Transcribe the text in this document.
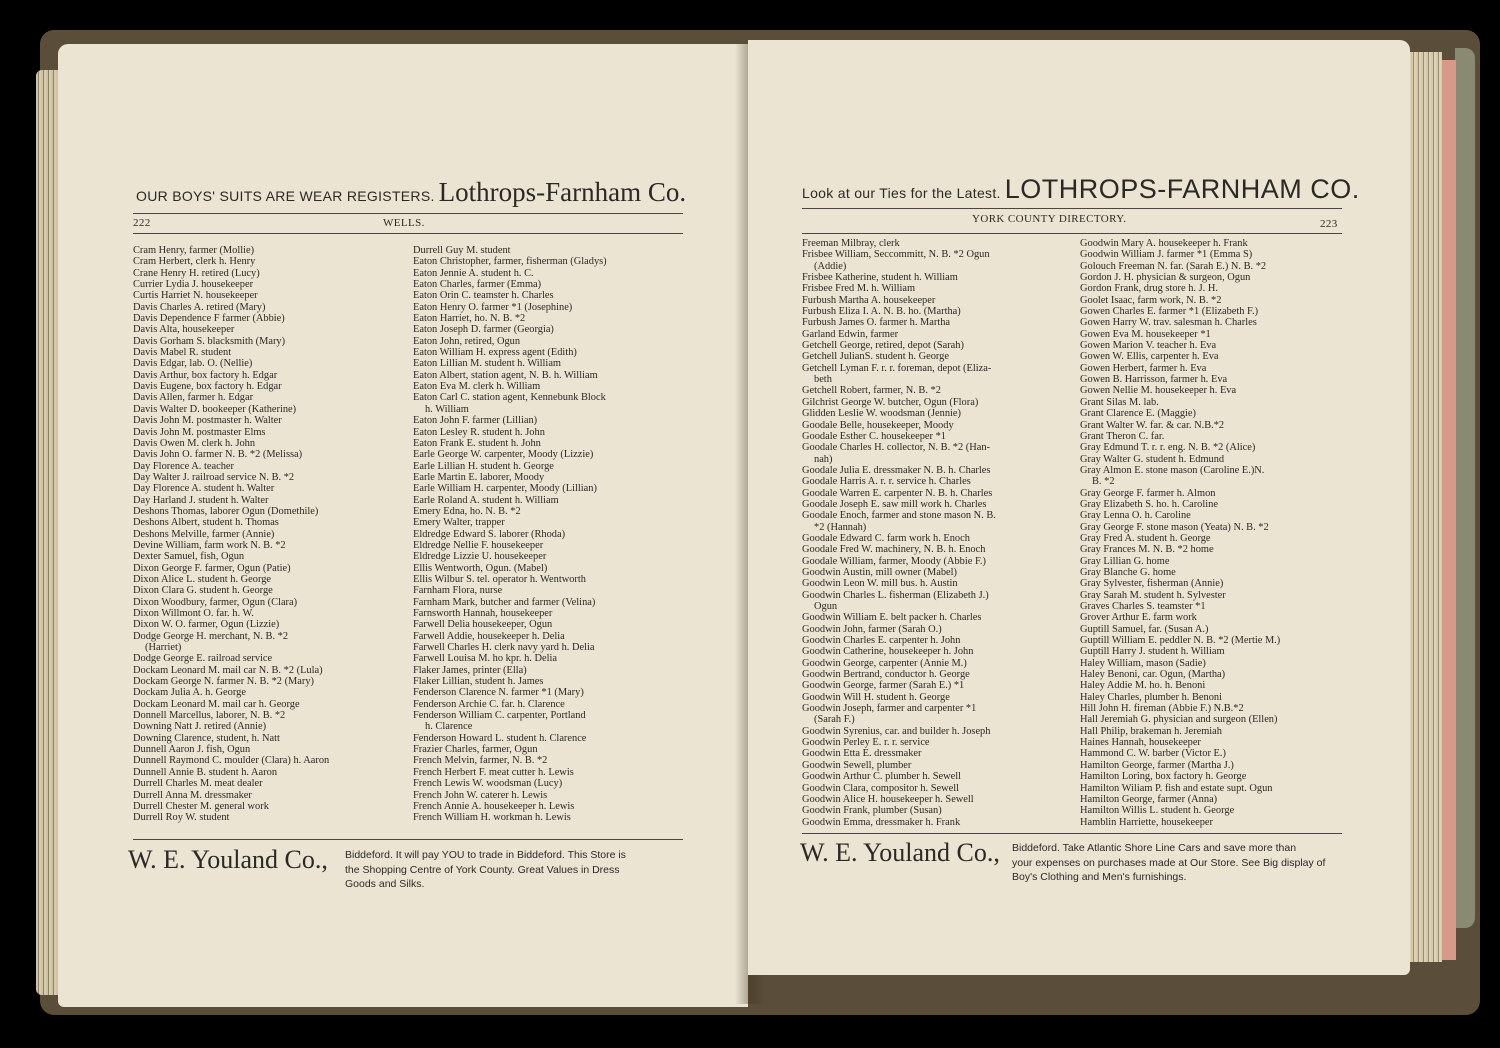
OUR BOYS' SUITS ARE WEAR REGISTERS. Lothrops-Farnham Co.
222	WELLS.
Cram Henry, farmer (Mollie)
Cram Herbert, clerk h. Henry
Crane Henry H. retired (Lucy)
Currier Lydia J. housekeeper
Curtis Harriet N. housekeeper
Davis Charles A. retired (Mary)
Davis Dependence F farmer (Abbie)
Davis Alta, housekeeper
Davis Gorham S. blacksmith (Mary)
Davis Mabel R. student
Davis Edgar, lab. O. (Nellie)
Davis Arthur, box factory h. Edgar
Davis Eugene, box factory h. Edgar
Davis Allen, farmer h. Edgar
Davis Walter D. bookeeper (Katherine)
Davis John M. postmaster h. Walter
Davis John M. postmaster Elms
Davis Owen M. clerk h. John
Davis John O. farmer N. B. *2 (Melissa)
Day Florence A. teacher
Day Walter J. railroad service N. B. *2
Day Florence A. student h. Walter
Day Harland J. student h. Walter
Deshons Thomas, laborer Ogun (Domethile)
Deshons Albert, student h. Thomas
Deshons Melville, farmer (Annie)
Devine William, farm work N. B. *2
Dexter Samuel, fish, Ogun
Dixon George F. farmer, Ogun (Patie)
Dixon Alice L. student h. George
Dixon Clara G. student h. George
Dixon Woodbury, farmer, Ogun (Clara)
Dixon Willmont O. far. h. W.
Dixon W. O. farmer, Ogun (Lizzie)
Dodge George H. merchant, N. B. *2
(Harriet)
Dodge George E. railroad service
Dockam Leonard M. mail car N. B. *2 (Lula)
Dockam George N. farmer N. B. *2 (Mary)
Dockam Julia A. h. George
Dockam Leonard M. mail car h. George
Donnell Marcellus, laborer, N. B. *2
Downing Natt J. retired (Annie)
Downing Clarence, student, h. Natt
Dunnell Aaron J. fish, Ogun
Dunnell Raymond C. moulder (Clara) h. Aaron
Dunnell Annie B. student h. Aaron
Durrell Charles M. meat dealer
Durrell Anna M. dressmaker
Durrell Chester M. general work
Durrell Roy W. student
Durrell Guy M. student
Eaton Christopher, farmer, fisherman (Gladys)
Eaton Jennie A. student h. C.
Eaton Charles, farmer (Emma)
Eaton Orin C. teamster h. Charles
Eaton Henry O. farmer *1 (Josephine)
Eaton Harriet, ho. N. B. *2
Eaton Joseph D. farmer (Georgia)
Eaton John, retired, Ogun
Eaton William H. express agent (Edith)
Eaton Lillian M. student h. William
Eaton Albert, station agent, N. B. h. William
Eaton Eva M. clerk h. William
Eaton Carl C. station agent, Kennebunk Block
h. William
Eaton John F. farmer (Lillian)
Eaton Lesley R. student h. John
Eaton Frank E. student h. John
Earle George W. carpenter, Moody (Lizzie)
Earle Lillian H. student h. George
Earle Martin E. laborer, Moody
Earle William H. carpenter, Moody (Lillian)
Earle Roland A. student h. William
Emery Edna, ho. N. B. *2
Emery Walter, trapper
Eldredge Edward S. laborer (Rhoda)
Eldredge Nellie F. housekeeper
Eldredge Lizzie U. housekeeper
Ellis Wentworth, Ogun. (Mabel)
Ellis Wilbur S. tel. operator h. Wentworth
Farnham Flora, nurse
Farnham Mark, butcher and farmer (Velina)
Farnsworth Hannah, housekeeper
Farwell Delia housekeeper, Ogun
Farwell Addie, housekeeper h. Delia
Farwell Charles H. clerk navy yard h. Delia
Farwell Louisa M. ho kpr. h. Delia
Flaker James, printer (Ella)
Flaker Lillian, student h. James
Fenderson Clarence N. farmer *1 (Mary)
Fenderson Archie C. far. h. Clarence
Fenderson William C. carpenter, Portland
h. Clarence
Fenderson Howard L. student h. Clarence
Frazier Charles, farmer, Ogun
French Melvin, farmer, N. B. *2
French Herbert F. meat cutter h. Lewis
French Lewis W. woodsman (Lucy)
French John W. caterer h. Lewis
French Annie A. housekeeper h. Lewis
French William H. workman h. Lewis
W. E. Youland Co., Biddeford. It will pay YOU to trade in Biddeford. This Store is
the Shopping Centre of York County. Great Values in Dress
Goods and Silks.
Look at our Ties for the Latest. LOTHROPS-FARNHAM CO.
YORK COUNTY DIRECTORY.	223
Freeman Milbray, clerk
Frisbee William, Seccommitt, N. B. *2 Ogun
(Addie)
Frisbee Katherine, student h. William
Frisbee Fred M. h. William
Furbush Martha A. housekeeper
Furbush Eliza I. A. N. B. ho. (Martha)
Furbush James O. farmer h. Martha
Garland Edwin, farmer
Getchell George, retired, depot (Sarah)
Getchell JulianS. student h. George
Getchell Lyman F. r. r. foreman, depot (Eliza-
beth
Getchell Robert, farmer, N. B. *2
Gilchrist George W. butcher, Ogun (Flora)
Glidden Leslie W. woodsman (Jennie)
Goodale Belle, housekeeper, Moody
Goodale Esther C. housekeeper *1
Goodale Charles H. collector, N. B. *2 (Han-
nah)
Goodale Julia E. dressmaker N. B. h. Charles
Goodale Harris A. r. r. service h. Charles
Goodale Warren E. carpenter N. B. h. Charles
Goodale Joseph E. saw mill work h. Charles
Goodale Enoch, farmer and stone mason N. B.
*2 (Hannah)
Goodale Edward C. farm work h. Enoch
Goodale Fred W. machinery, N. B. h. Enoch
Goodale William, farmer, Moody (Abbie F.)
Goodwin Austin, mill owner (Mabel)
Goodwin Leon W. mill bus. h. Austin
Goodwin Charles L. fisherman (Elizabeth J.)
Ogun
Goodwin William E. belt packer h. Charles
Goodwin John, farmer (Sarah O.)
Goodwin Charles E. carpenter h. John
Goodwin Catherine, housekeeper h. John
Goodwin George, carpenter (Annie M.)
Goodwin Bertrand, conductor h. George
Goodwin George, farmer (Sarah E.) *1
Goodwin Will H. student h. George
Goodwin Joseph, farmer and carpenter *1
(Sarah F.)
Goodwin Syrenius, car. and builder h. Joseph
Goodwin Perley E. r. r. service
Goodwin Etta E. dressmaker
Goodwin Sewell, plumber
Goodwin Arthur C. plumber h. Sewell
Goodwin Clara, compositor h. Sewell
Goodwin Alice H. housekeeper h. Sewell
Goodwin Frank, plumber (Susan)
Goodwin Emma, dressmaker h. Frank
Goodwin Mary A. housekeeper h. Frank
Goodwin William J. farmer *1 (Emma S)
Golouch Freeman N. far. (Sarah E.) N. B. *2
Gordon J. H. physician & surgeon, Ogun
Gordon Frank, drug store h. J. H.
Goolet Isaac, farm work, N. B. *2
Gowen Charles E. farmer *1 (Elizabeth F.)
Gowen Harry W. trav. salesman h. Charles
Gowen Eva M. housekeeper *1
Gowen Marion V. teacher h. Eva
Gowen W. Ellis, carpenter h. Eva
Gowen Herbert, farmer h. Eva
Gowen B. Harrisson, farmer h. Eva
Gowen Nellie M. housekeeper h. Eva
Grant Silas M. lab.
Grant Clarence E. (Maggie)
Grant Walter W. far. & car. N.B.*2
Grant Theron C. far.
Gray Edmund T. r. r. eng. N. B. *2 (Alice)
Gray Walter G. student h. Edmund
Gray Almon E. stone mason (Caroline E.)N.
B. *2
Gray George F. farmer h. Almon
Gray Elizabeth S. ho. h. Caroline
Gray Lenna O. h. Caroline
Gray George F. stone mason (Yeata) N. B. *2
Gray Fred A. student h. George
Gray Frances M. N. B. *2 home
Gray Lillian G. home
Gray Blanche G. home
Gray Sylvester, fisherman (Annie)
Gray Sarah M. student h. Sylvester
Graves Charles S. teamster *1
Grover Arthur E. farm work
Guptill Samuel, far. (Susan A.)
Guptill William E. peddler N. B. *2 (Mertie M.)
Guptill Harry J. student h. William
Haley William, mason (Sadie)
Haley Benoni, car. Ogun, (Martha)
Haley Addie M. ho. h. Benoni
Haley Charles, plumber h. Benoni
Hill John H. fireman (Abbie F.) N.B.*2
Hall Jeremiah G. physician and surgeon (Ellen)
Hall Philip, brakeman h. Jeremiah
Haines Hannah, housekeeper
Hammond C. W. barber (Victor E.)
Hamilton George, farmer (Martha J.)
Hamilton Loring, box factory h. George
Hamilton Wiliam P. fish and estate supt. Ogun
Hamilton George, farmer (Anna)
Hamilton Willis L. student h. George
Hamblin Harriette, housekeeper
W. E. Youland Co., Biddeford. Take Atlantic Shore Line Cars and save more than
your expenses on purchases made at Our Store. See Big display of
Boy's Clothing and Men's furnishings.
